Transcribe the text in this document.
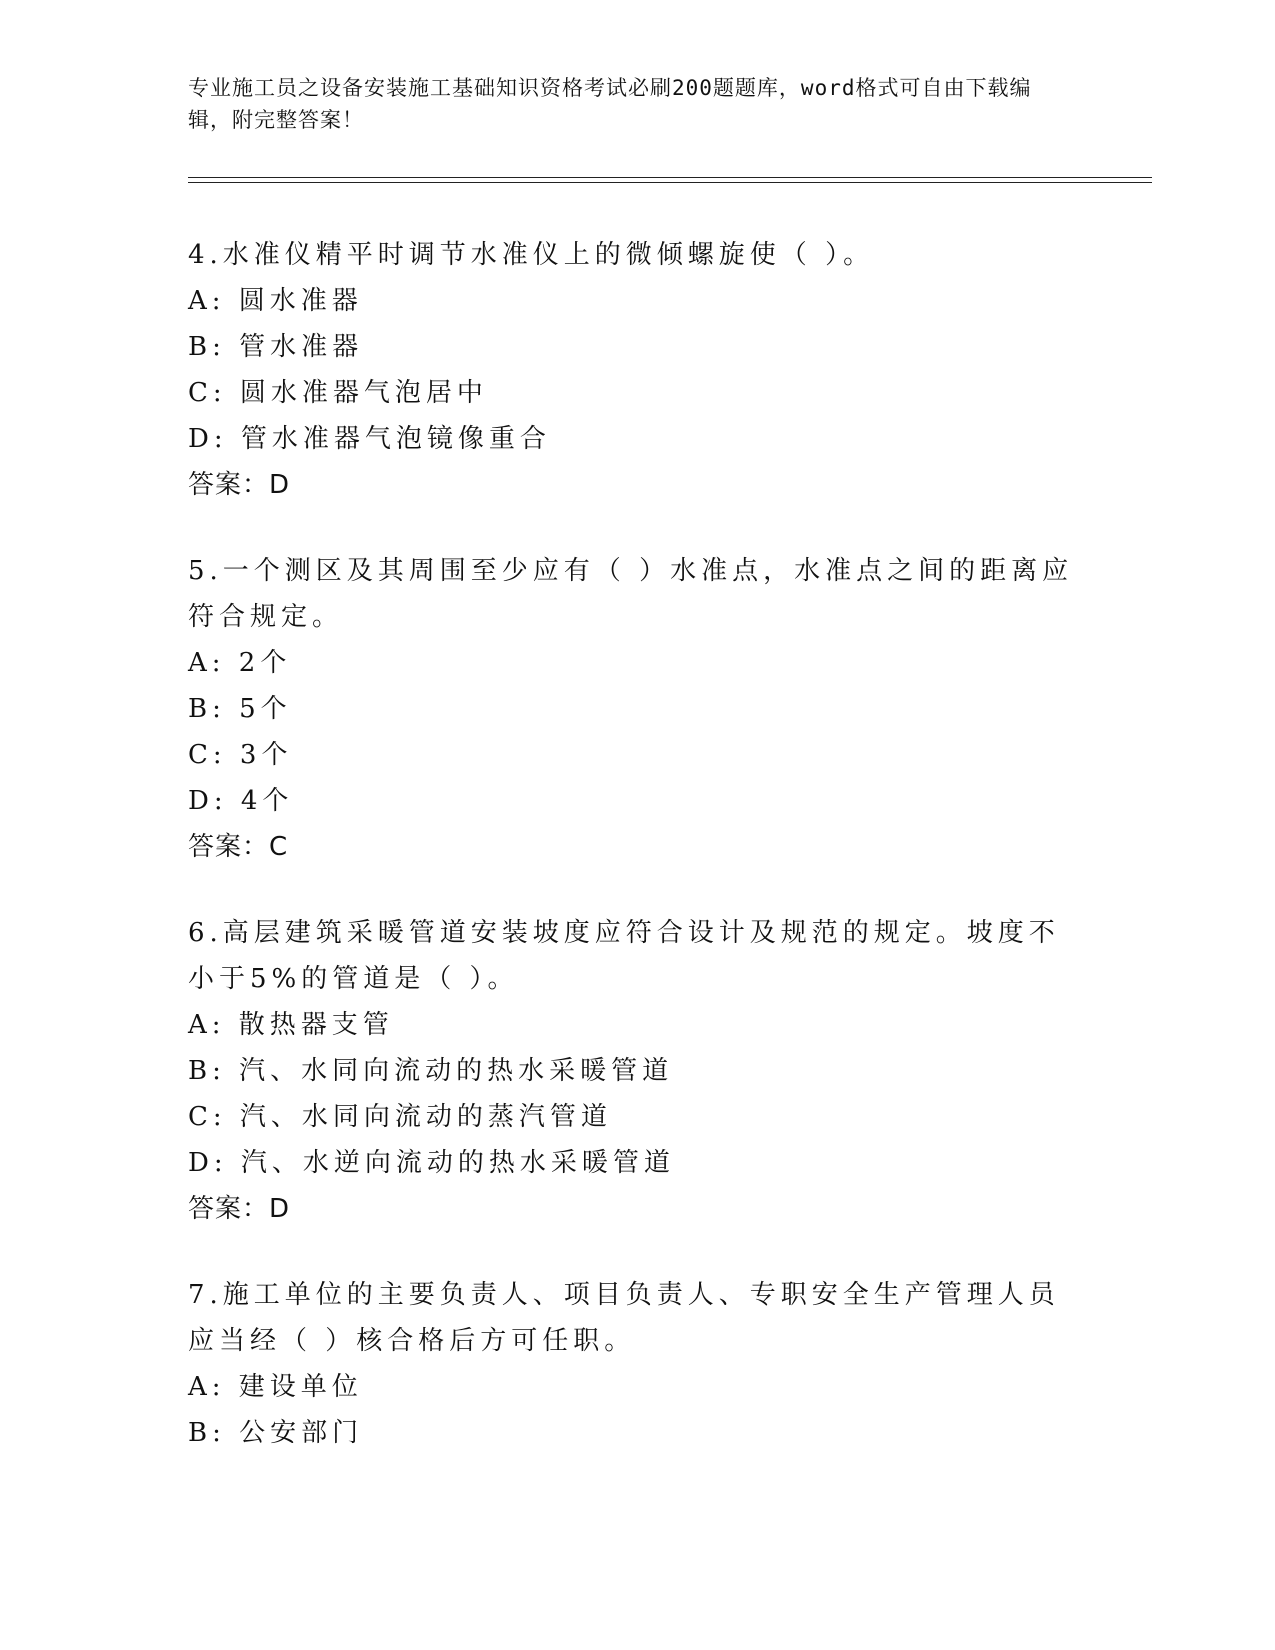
专业施工员之设备安装施工基础知识资格考试必刷200题题库，word格式可自由下载编辑，附完整答案！
4.水准仪精平时调节水准仪上的微倾螺旋使（ ）。
A: 圆水准器
B: 管水准器
C: 圆水准器气泡居中
D: 管水准器气泡镜像重合
答案：D
5.一个测区及其周围至少应有（ ）水准点，水准点之间的距离应符合规定。
A: 2个
B: 5个
C: 3个
D: 4个
答案：C
6.高层建筑采暖管道安装坡度应符合设计及规范的规定。坡度不小于5%的管道是（ ）。
A: 散热器支管
B: 汽、水同向流动的热水采暖管道
C: 汽、水同向流动的蒸汽管道
D: 汽、水逆向流动的热水采暖管道
答案：D
7.施工单位的主要负责人、项目负责人、专职安全生产管理人员应当经（ ）核合格后方可任职。
A: 建设单位
B: 公安部门
